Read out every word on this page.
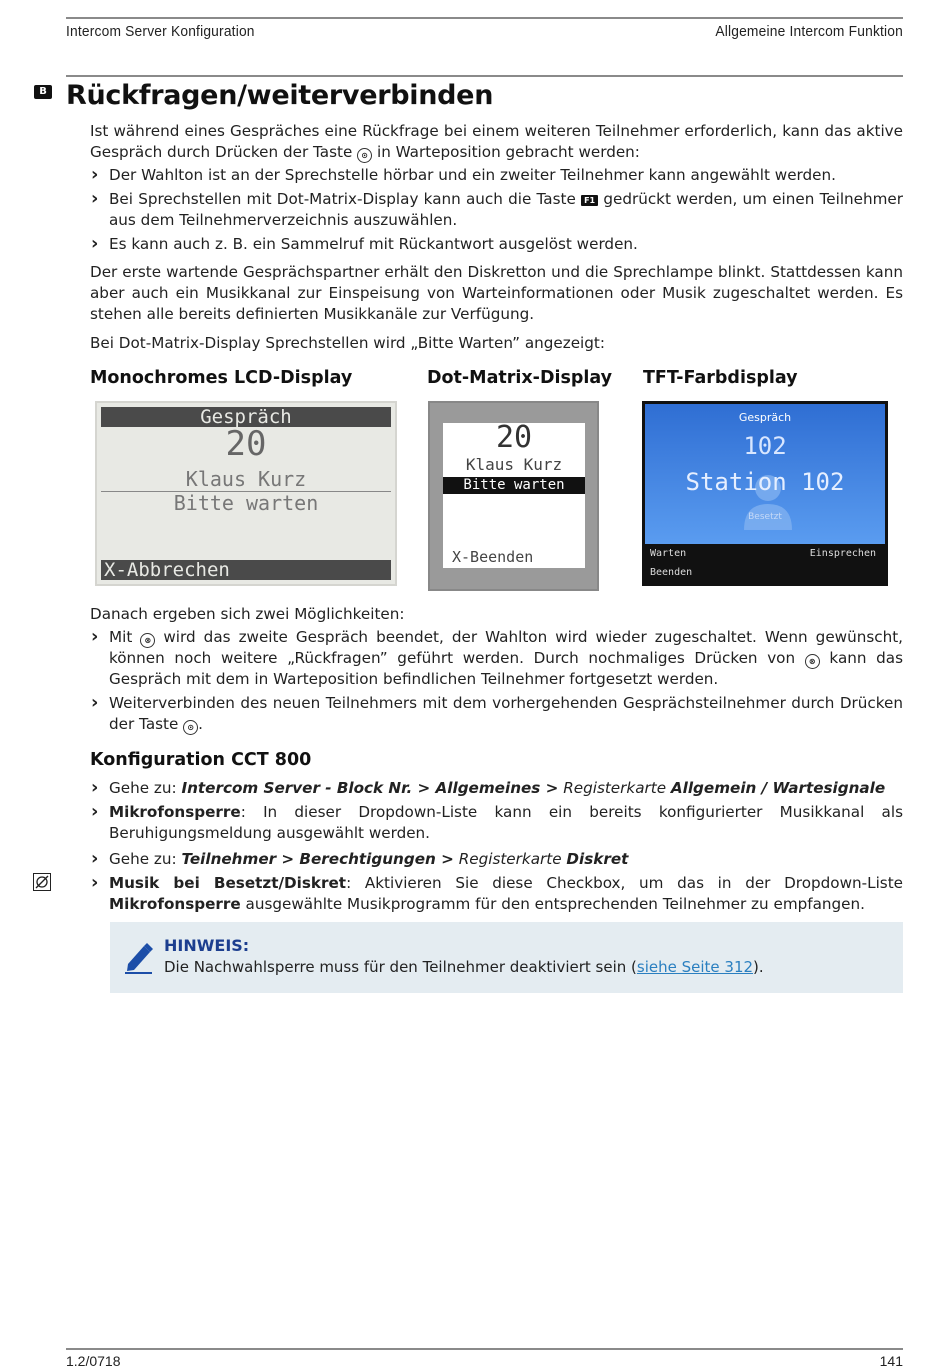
Intercom Server Konfiguration	Allgemeine Intercom Funktion
B Rückfragen/weiterverbinden

Ist während eines Gespräches eine Rückfrage bei einem weiteren Teilnehmer erforderlich, kann das aktive Gespräch durch Drücken der Taste ⊙ in Warteposition gebracht werden:

› Der Wahlton ist an der Sprechstelle hörbar und ein zweiter Teilnehmer kann angewählt werden.

› Bei Sprechstellen mit Dot-Matrix-Display kann auch die Taste F1 gedrückt werden, um einen Teilnehmer aus dem Teilnehmerverzeichnis auszuwählen.

› Es kann auch z. B. ein Sammelruf mit Rückantwort ausgelöst werden.

Der erste wartende Gesprächspartner erhält den Diskretton und die Sprechlampe blinkt. Stattdessen kann aber auch ein Musikkanal zur Einspeisung von Warteinformationen oder Musik zugeschaltet werden. Es stehen alle bereits definierten Musikkanäle zur Verfügung.

Bei Dot-Matrix-Display Sprechstellen wird „Bitte Warten” angezeigt:

Monochromes LCD-Display	Dot-Matrix-Display TFT-Farbdisplay
Gespräch
20
Klaus Kurz
Bitte warten
X-Abbrechen
20
Klaus Kurz
Bitte warten
X-Beenden
Gespräch
102
Station 102
Besetzt
Warten	Einsprechen
Beenden

Danach ergeben sich zwei Möglichkeiten:

› Mit ⊗ wird das zweite Gespräch beendet, der Wahlton wird wieder zugeschaltet. Wenn gewünscht, können noch weitere „Rückfragen” geführt werden. Durch nochmaliges Drücken von ⊗ kann das Gespräch mit dem in Warteposition befindlichen Teilnehmer fortgesetzt werden.

› Weiterverbinden des neuen Teilnehmers mit dem vorhergehenden Gesprächsteilnehmer durch Drücken der Taste ⊙ .

Konfiguration CCT 800

› Gehe zu: Intercom Server - Block Nr. > Allgemeines > Registerkarte Allgemein / Wartesignale

› Mikrofonsperre: In dieser Dropdown-Liste kann ein bereits konfigurierter Musikkanal als Beruhigungsmeldung ausgewählt werden.

› Gehe zu: Teilnehmer > Berechtigungen > Registerkarte Diskret

› Musik bei Besetzt/Diskret: Aktivieren Sie diese Checkbox, um das in der Dropdown-Liste Mikrofonsperre ausgewählte Musikprogramm für den entsprechenden Teilnehmer zu empfangen.

HINWEIS:
Die Nachwahlsperre muss für den Teilnehmer deaktiviert sein (siehe Seite 312).
1.2/0718	141
